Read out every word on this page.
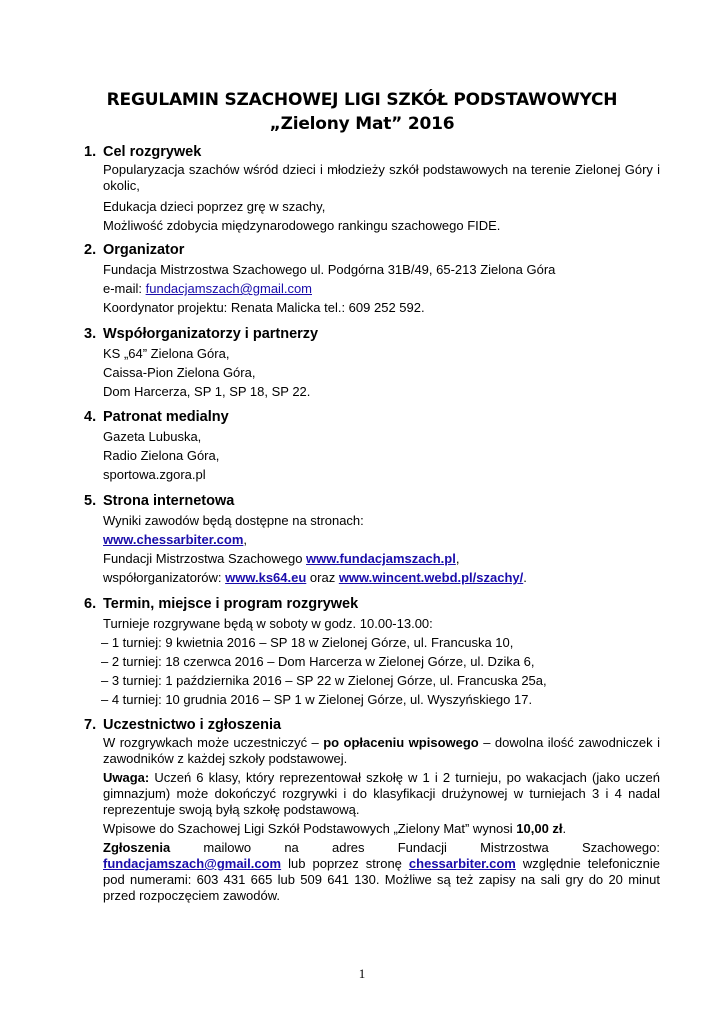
REGULAMIN SZACHOWEJ LIGI SZKÓŁ PODSTAWOWYCH
„Zielony Mat” 2016
1. Cel rozgrywek
Popularyzacja szachów wśród dzieci i młodzieży szkół podstawowych na terenie Zielonej Góry i okolic,
Edukacja dzieci poprzez grę w szachy,
Możliwość zdobycia międzynarodowego rankingu szachowego FIDE.
2. Organizator
Fundacja Mistrzostwa Szachowego ul. Podgórna 31B/49, 65-213 Zielona Góra
e-mail: fundacjamszach@gmail.com
Koordynator projektu: Renata Malicka tel.: 609 252 592.
3. Współorganizatorzy i partnerzy
KS „64” Zielona Góra,
Caissa-Pion Zielona Góra,
Dom Harcerza, SP 1, SP 18, SP 22.
4. Patronat medialny
Gazeta Lubuska,
Radio Zielona Góra,
sportowa.zgora.pl
5. Strona internetowa
Wyniki zawodów będą dostępne na stronach:
www.chessarbiter.com,
Fundacji Mistrzostwa Szachowego www.fundacjamszach.pl,
współorganizatorów: www.ks64.eu oraz www.wincent.webd.pl/szachy/.
6. Termin, miejsce i program rozgrywek
Turnieje rozgrywane będą w soboty w godz. 10.00-13.00:
– 1 turniej: 9 kwietnia 2016 – SP 18 w Zielonej Górze, ul. Francuska 10,
– 2 turniej: 18 czerwca 2016 – Dom Harcerza w Zielonej Górze, ul. Dzika 6,
– 3 turniej: 1 października 2016 – SP 22 w Zielonej Górze, ul. Francuska 25a,
– 4 turniej: 10 grudnia 2016 – SP 1 w Zielonej Górze, ul. Wyszyńskiego 17.
7. Uczestnictwo i zgłoszenia
W rozgrywkach może uczestniczyć – po opłaceniu wpisowego – dowolna ilość zawodniczek i zawodników z każdej szkoły podstawowej.
Uwaga: Uczeń 6 klasy, który reprezentował szkołę w 1 i 2 turnieju, po wakacjach (jako uczeń gimnazjum) może dokończyć rozgrywki i do klasyfikacji drużynowej w turniejach 3 i 4 nadal reprezentuje swoją byłą szkołę podstawową.
Wpisowe do Szachowej Ligi Szkół Podstawowych „Zielony Mat” wynosi 10,00 zł.
Zgłoszenia mailowo na adres Fundacji Mistrzostwa Szachowego: fundacjamszach@gmail.com lub poprzez stronę chessarbiter.com względnie telefonicznie pod numerami: 603 431 665 lub 509 641 130. Możliwe są też zapisy na sali gry do 20 minut przed rozpoczęciem zawodów.
1
